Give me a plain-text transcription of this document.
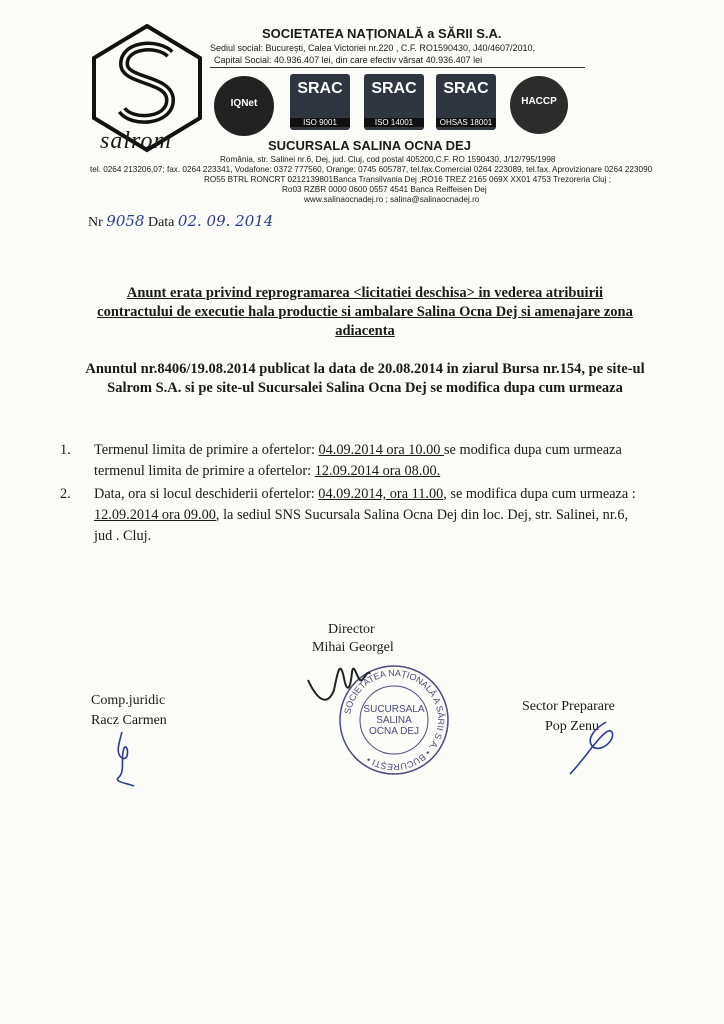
salrom
SOCIETATEA NAȚIONALĂ a SĂRII S.A.
Sediul social: București, Calea Victoriei nr.220 , C.F. RO1590430, J40/4607/2010,
Capital Social: 40.936.407 lei, din care efectiv vărsat 40.936.407 lei
IQNet
SRAC
ISO 9001
SRAC
ISO 14001
SRAC
OHSAS 18001
HACCP
SUCURSALA SALINA OCNA DEJ
România, str. Salinei nr.6, Dej, jud. Cluj, cod postal 405200,C.F. RO 1590430, J/12/795/1998
tel. 0264 213206,07; fax. 0264 223341, Vodafone: 0372 777560, Orange: 0745 605787, tel.fax.Comercial 0264 223089, tel.fax. Aprovizionare 0264 223090
RO55 BTRL RONCRT 0212139801Banca Transilvania Dej ;RO16 TREZ 2165 069X XX01 4753 Trezoreria Cluj ;
Ro03 RZBR 0000 0600 0557 4541 Banca Reiffeisen Dej
www.salinaocnadej.ro ; salina@salinaocnadej.ro
Nr 9058 Data 02. 09. 2014
Anunt erata privind reprogramarea <licitatiei deschisa> in vederea atribuirii
contractului de executie hala productie si ambalare Salina Ocna Dej si amenajare zona
adiacenta
Anuntul nr.8406/19.08.2014 publicat la data de 20.08.2014 in ziarul Bursa nr.154, pe site-ul
Salrom S.A. si pe site-ul Sucursalei Salina Ocna Dej se modifica dupa cum urmeaza
1.	Termenul limita de primire a ofertelor: 04.09.2014 ora 10.00 se modifica dupa cum urmeaza termenul limita de primire a ofertelor: 12.09.2014 ora 08.00.
2.	Data, ora si locul deschiderii ofertelor: 04.09.2014, ora 11.00, se modifica dupa cum urmeaza : 12.09.2014 ora 09.00, la sediul SNS Sucursala Salina Ocna Dej din loc. Dej, str. Salinei, nr.6, jud . Cluj.
Director
Mihai Georgel
SOCIETATEA NAȚIONALĂ A SĂRII S.A. • BUCUREȘTI •
SUCURSALA
SALINA
OCNA DEJ
Comp.juridic
Racz Carmen
Sector Preparare
Pop Zenu
